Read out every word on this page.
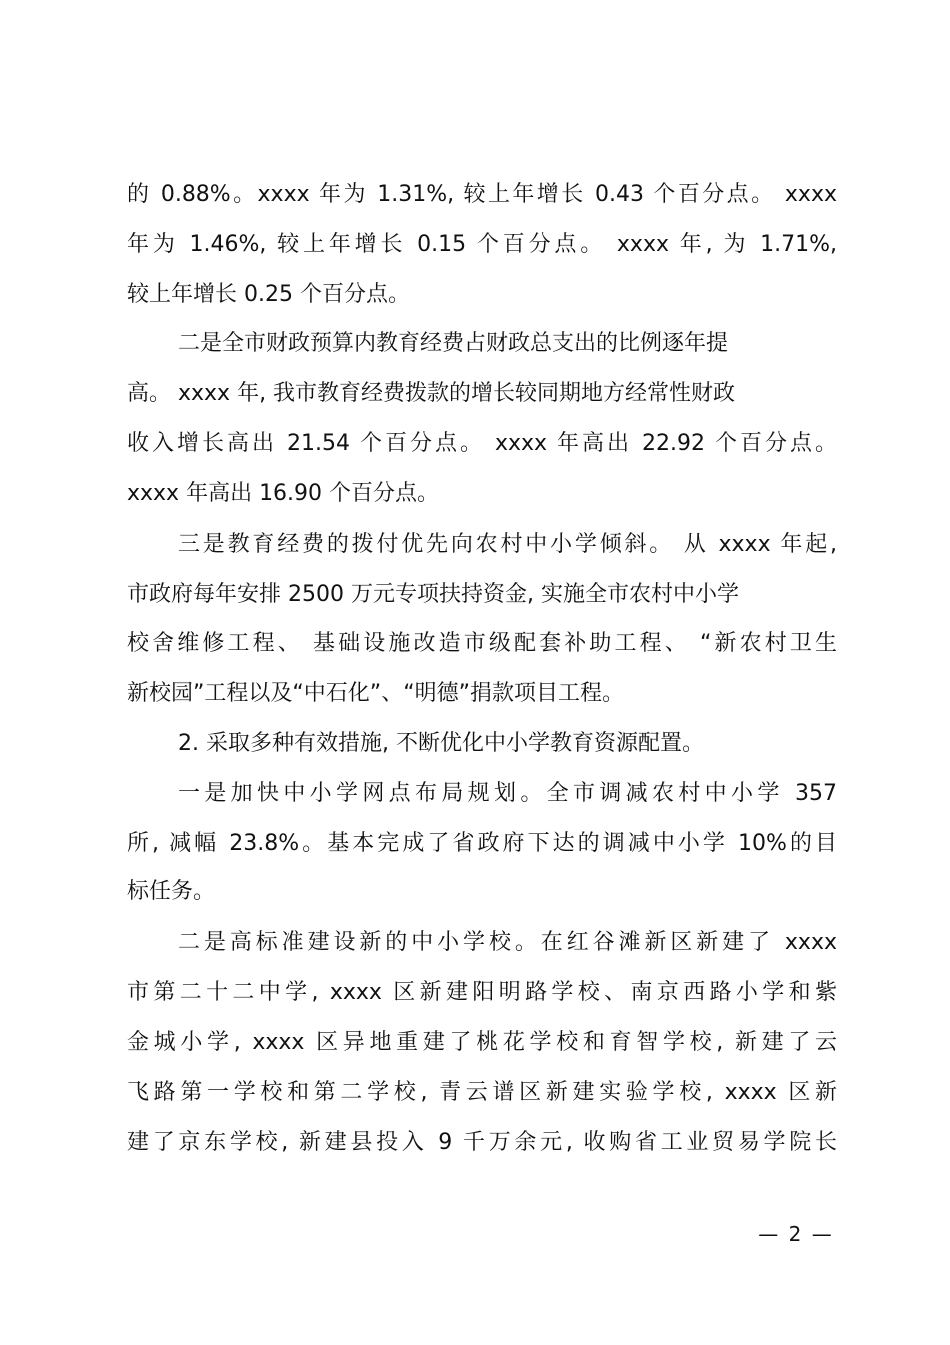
的 0.88%。xxxx 年为 1.31%, 较上年增长 0.43 个百分点。 xxxx
年为 1.46%, 较上年增长 0.15 个百分点。 xxxx 年, 为 1.71%,
较上年增长 0.25 个百分点。
二是全市财政预算内教育经费占财政总支出的比例逐年提
高。 xxxx 年, 我市教育经费拨款的增长较同期地方经常性财政
收入增长高出 21.54 个百分点。 xxxx 年高出 22.92 个百分点。
xxxx 年高出 16.90 个百分点。
三是教育经费的拨付优先向农村中小学倾斜。 从 xxxx 年起,
市政府每年安排 2500 万元专项扶持资金, 实施全市农村中小学
校舍维修工程、 基础设施改造市级配套补助工程、 “新农村卫生
新校园”工程以及“中石化”、“明德”捐款项目工程。
2. 采取多种有效措施, 不断优化中小学教育资源配置。
一是加快中小学网点布局规划。全市调减农村中小学 357
所, 减幅 23.8%。基本完成了省政府下达的调减中小学 10%的目
标任务。
二是高标准建设新的中小学校。在红谷滩新区新建了 xxxx
市第二十二中学, xxxx 区新建阳明路学校、南京西路小学和紫
金城小学, xxxx 区异地重建了桃花学校和育智学校, 新建了云
飞路第一学校和第二学校, 青云谱区新建实验学校, xxxx 区新
建了京东学校, 新建县投入 9 千万余元, 收购省工业贸易学院长
— 2 —
